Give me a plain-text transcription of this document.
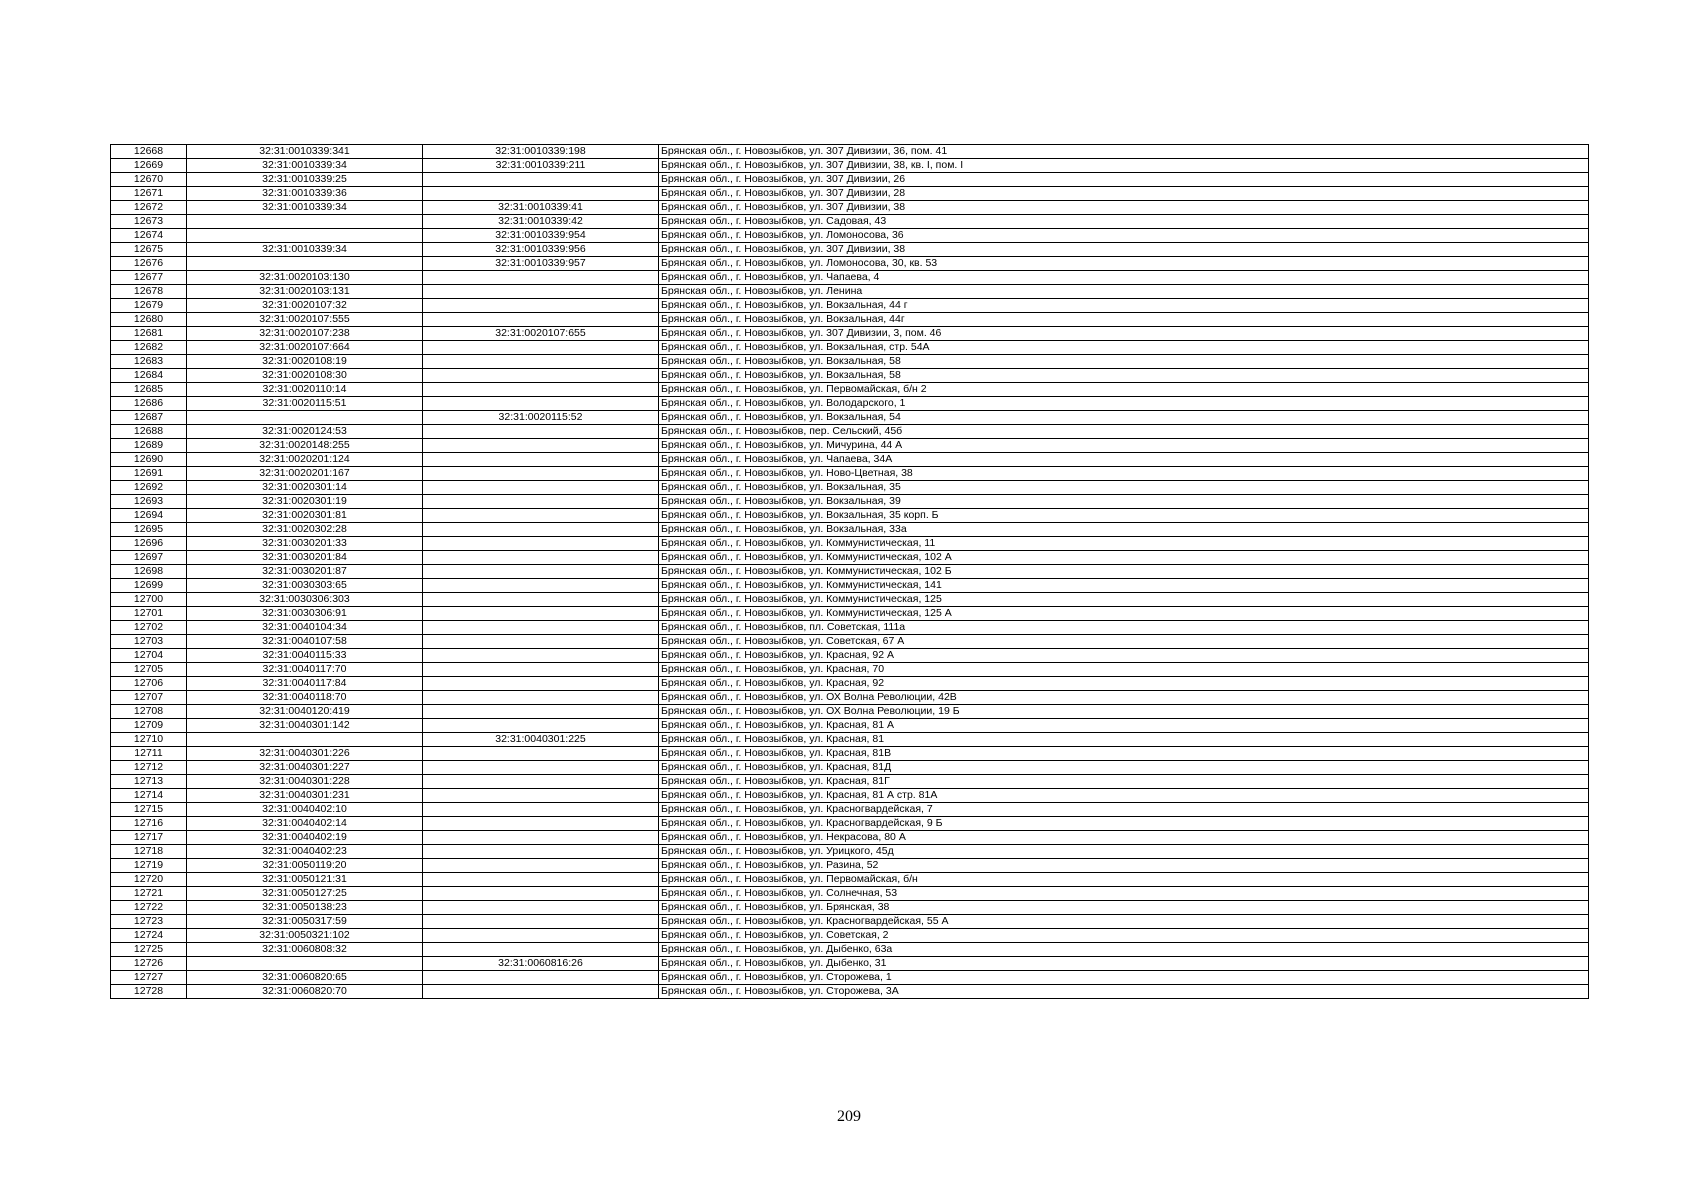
12668	32:31:0010339:341	32:31:0010339:198	Брянская обл., г. Новозыбков, ул. 307 Дивизии, 36, пом. 41
12669	32:31:0010339:34	32:31:0010339:211	Брянская обл., г. Новозыбков, ул. 307 Дивизии, 38, кв. I, пом. I
12670	32:31:0010339:25		Брянская обл., г. Новозыбков, ул. 307 Дивизии, 26
12671	32:31:0010339:36		Брянская обл., г. Новозыбков, ул. 307 Дивизии, 28
12672	32:31:0010339:34	32:31:0010339:41	Брянская обл., г. Новозыбков, ул. 307 Дивизии, 38
12673		32:31:0010339:42	Брянская обл., г. Новозыбков, ул. Садовая, 43
12674		32:31:0010339:954	Брянская обл., г. Новозыбков, ул. Ломоносова, 36
12675	32:31:0010339:34	32:31:0010339:956	Брянская обл., г. Новозыбков, ул. 307 Дивизии, 38
12676		32:31:0010339:957	Брянская обл., г. Новозыбков, ул. Ломоносова, 30, кв. 53
12677	32:31:0020103:130		Брянская обл., г. Новозыбков, ул. Чапаева, 4
12678	32:31:0020103:131		Брянская обл., г. Новозыбков, ул. Ленина
12679	32:31:0020107:32		Брянская обл., г. Новозыбков, ул. Вокзальная, 44 г
12680	32:31:0020107:555		Брянская обл., г. Новозыбков, ул. Вокзальная, 44г
12681	32:31:0020107:238	32:31:0020107:655	Брянская обл., г. Новозыбков, ул. 307 Дивизии, 3, пом. 46
12682	32:31:0020107:664		Брянская обл., г. Новозыбков, ул. Вокзальная, стр. 54А
12683	32:31:0020108:19		Брянская обл., г. Новозыбков, ул. Вокзальная, 58
12684	32:31:0020108:30		Брянская обл., г. Новозыбков, ул. Вокзальная, 58
12685	32:31:0020110:14		Брянская обл., г. Новозыбков, ул. Первомайская, б/н 2
12686	32:31:0020115:51		Брянская обл., г. Новозыбков, ул. Володарского, 1
12687		32:31:0020115:52	Брянская обл., г. Новозыбков, ул. Вокзальная, 54
12688	32:31:0020124:53		Брянская обл., г. Новозыбков, пер. Сельский, 45б
12689	32:31:0020148:255		Брянская обл., г. Новозыбков, ул. Мичурина, 44 А
12690	32:31:0020201:124		Брянская обл., г. Новозыбков, ул. Чапаева, 34А
12691	32:31:0020201:167		Брянская обл., г. Новозыбков, ул. Ново-Цветная, 38
12692	32:31:0020301:14		Брянская обл., г. Новозыбков, ул. Вокзальная, 35
12693	32:31:0020301:19		Брянская обл., г. Новозыбков, ул. Вокзальная, 39
12694	32:31:0020301:81		Брянская обл., г. Новозыбков, ул. Вокзальная, 35 корп. Б
12695	32:31:0020302:28		Брянская обл., г. Новозыбков, ул. Вокзальная, 33а
12696	32:31:0030201:33		Брянская обл., г. Новозыбков, ул. Коммунистическая, 11
12697	32:31:0030201:84		Брянская обл., г. Новозыбков, ул. Коммунистическая, 102 А
12698	32:31:0030201:87		Брянская обл., г. Новозыбков, ул. Коммунистическая, 102 Б
12699	32:31:0030303:65		Брянская обл., г. Новозыбков, ул. Коммунистическая, 141
12700	32:31:0030306:303		Брянская обл., г. Новозыбков, ул. Коммунистическая, 125
12701	32:31:0030306:91		Брянская обл., г. Новозыбков, ул. Коммунистическая, 125 А
12702	32:31:0040104:34		Брянская обл., г. Новозыбков, пл. Советская, 111а
12703	32:31:0040107:58		Брянская обл., г. Новозыбков, ул. Советская, 67 А
12704	32:31:0040115:33		Брянская обл., г. Новозыбков, ул. Красная, 92 А
12705	32:31:0040117:70		Брянская обл., г. Новозыбков, ул. Красная, 70
12706	32:31:0040117:84		Брянская обл., г. Новозыбков, ул. Красная, 92
12707	32:31:0040118:70		Брянская обл., г. Новозыбков, ул. ОХ Волна Революции, 42В
12708	32:31:0040120:419		Брянская обл., г. Новозыбков, ул. ОХ Волна Революции, 19 Б
12709	32:31:0040301:142		Брянская обл., г. Новозыбков, ул. Красная, 81 А
12710		32:31:0040301:225	Брянская обл., г. Новозыбков, ул. Красная, 81
12711	32:31:0040301:226		Брянская обл., г. Новозыбков, ул. Красная, 81В
12712	32:31:0040301:227		Брянская обл., г. Новозыбков, ул. Красная, 81Д
12713	32:31:0040301:228		Брянская обл., г. Новозыбков, ул. Красная, 81Г
12714	32:31:0040301:231		Брянская обл., г. Новозыбков, ул. Красная, 81 А стр. 81А
12715	32:31:0040402:10		Брянская обл., г. Новозыбков, ул. Красногвардейская, 7
12716	32:31:0040402:14		Брянская обл., г. Новозыбков, ул. Красногвардейская, 9 Б
12717	32:31:0040402:19		Брянская обл., г. Новозыбков, ул. Некрасова, 80 А
12718	32:31:0040402:23		Брянская обл., г. Новозыбков, ул. Урицкого, 45д
12719	32:31:0050119:20		Брянская обл., г. Новозыбков, ул. Разина, 52
12720	32:31:0050121:31		Брянская обл., г. Новозыбков, ул. Первомайская, б/н
12721	32:31:0050127:25		Брянская обл., г. Новозыбков, ул. Солнечная, 53
12722	32:31:0050138:23		Брянская обл., г. Новозыбков, ул. Брянская, 38
12723	32:31:0050317:59		Брянская обл., г. Новозыбков, ул. Красногвардейская, 55 А
12724	32:31:0050321:102		Брянская обл., г. Новозыбков, ул. Советская, 2
12725	32:31:0060808:32		Брянская обл., г. Новозыбков, ул. Дыбенко, 63а
12726		32:31:0060816:26	Брянская обл., г. Новозыбков, ул. Дыбенко, 31
12727	32:31:0060820:65		Брянская обл., г. Новозыбков, ул. Сторожева, 1
12728	32:31:0060820:70		Брянская обл., г. Новозыбков, ул. Сторожева, 3А
209
